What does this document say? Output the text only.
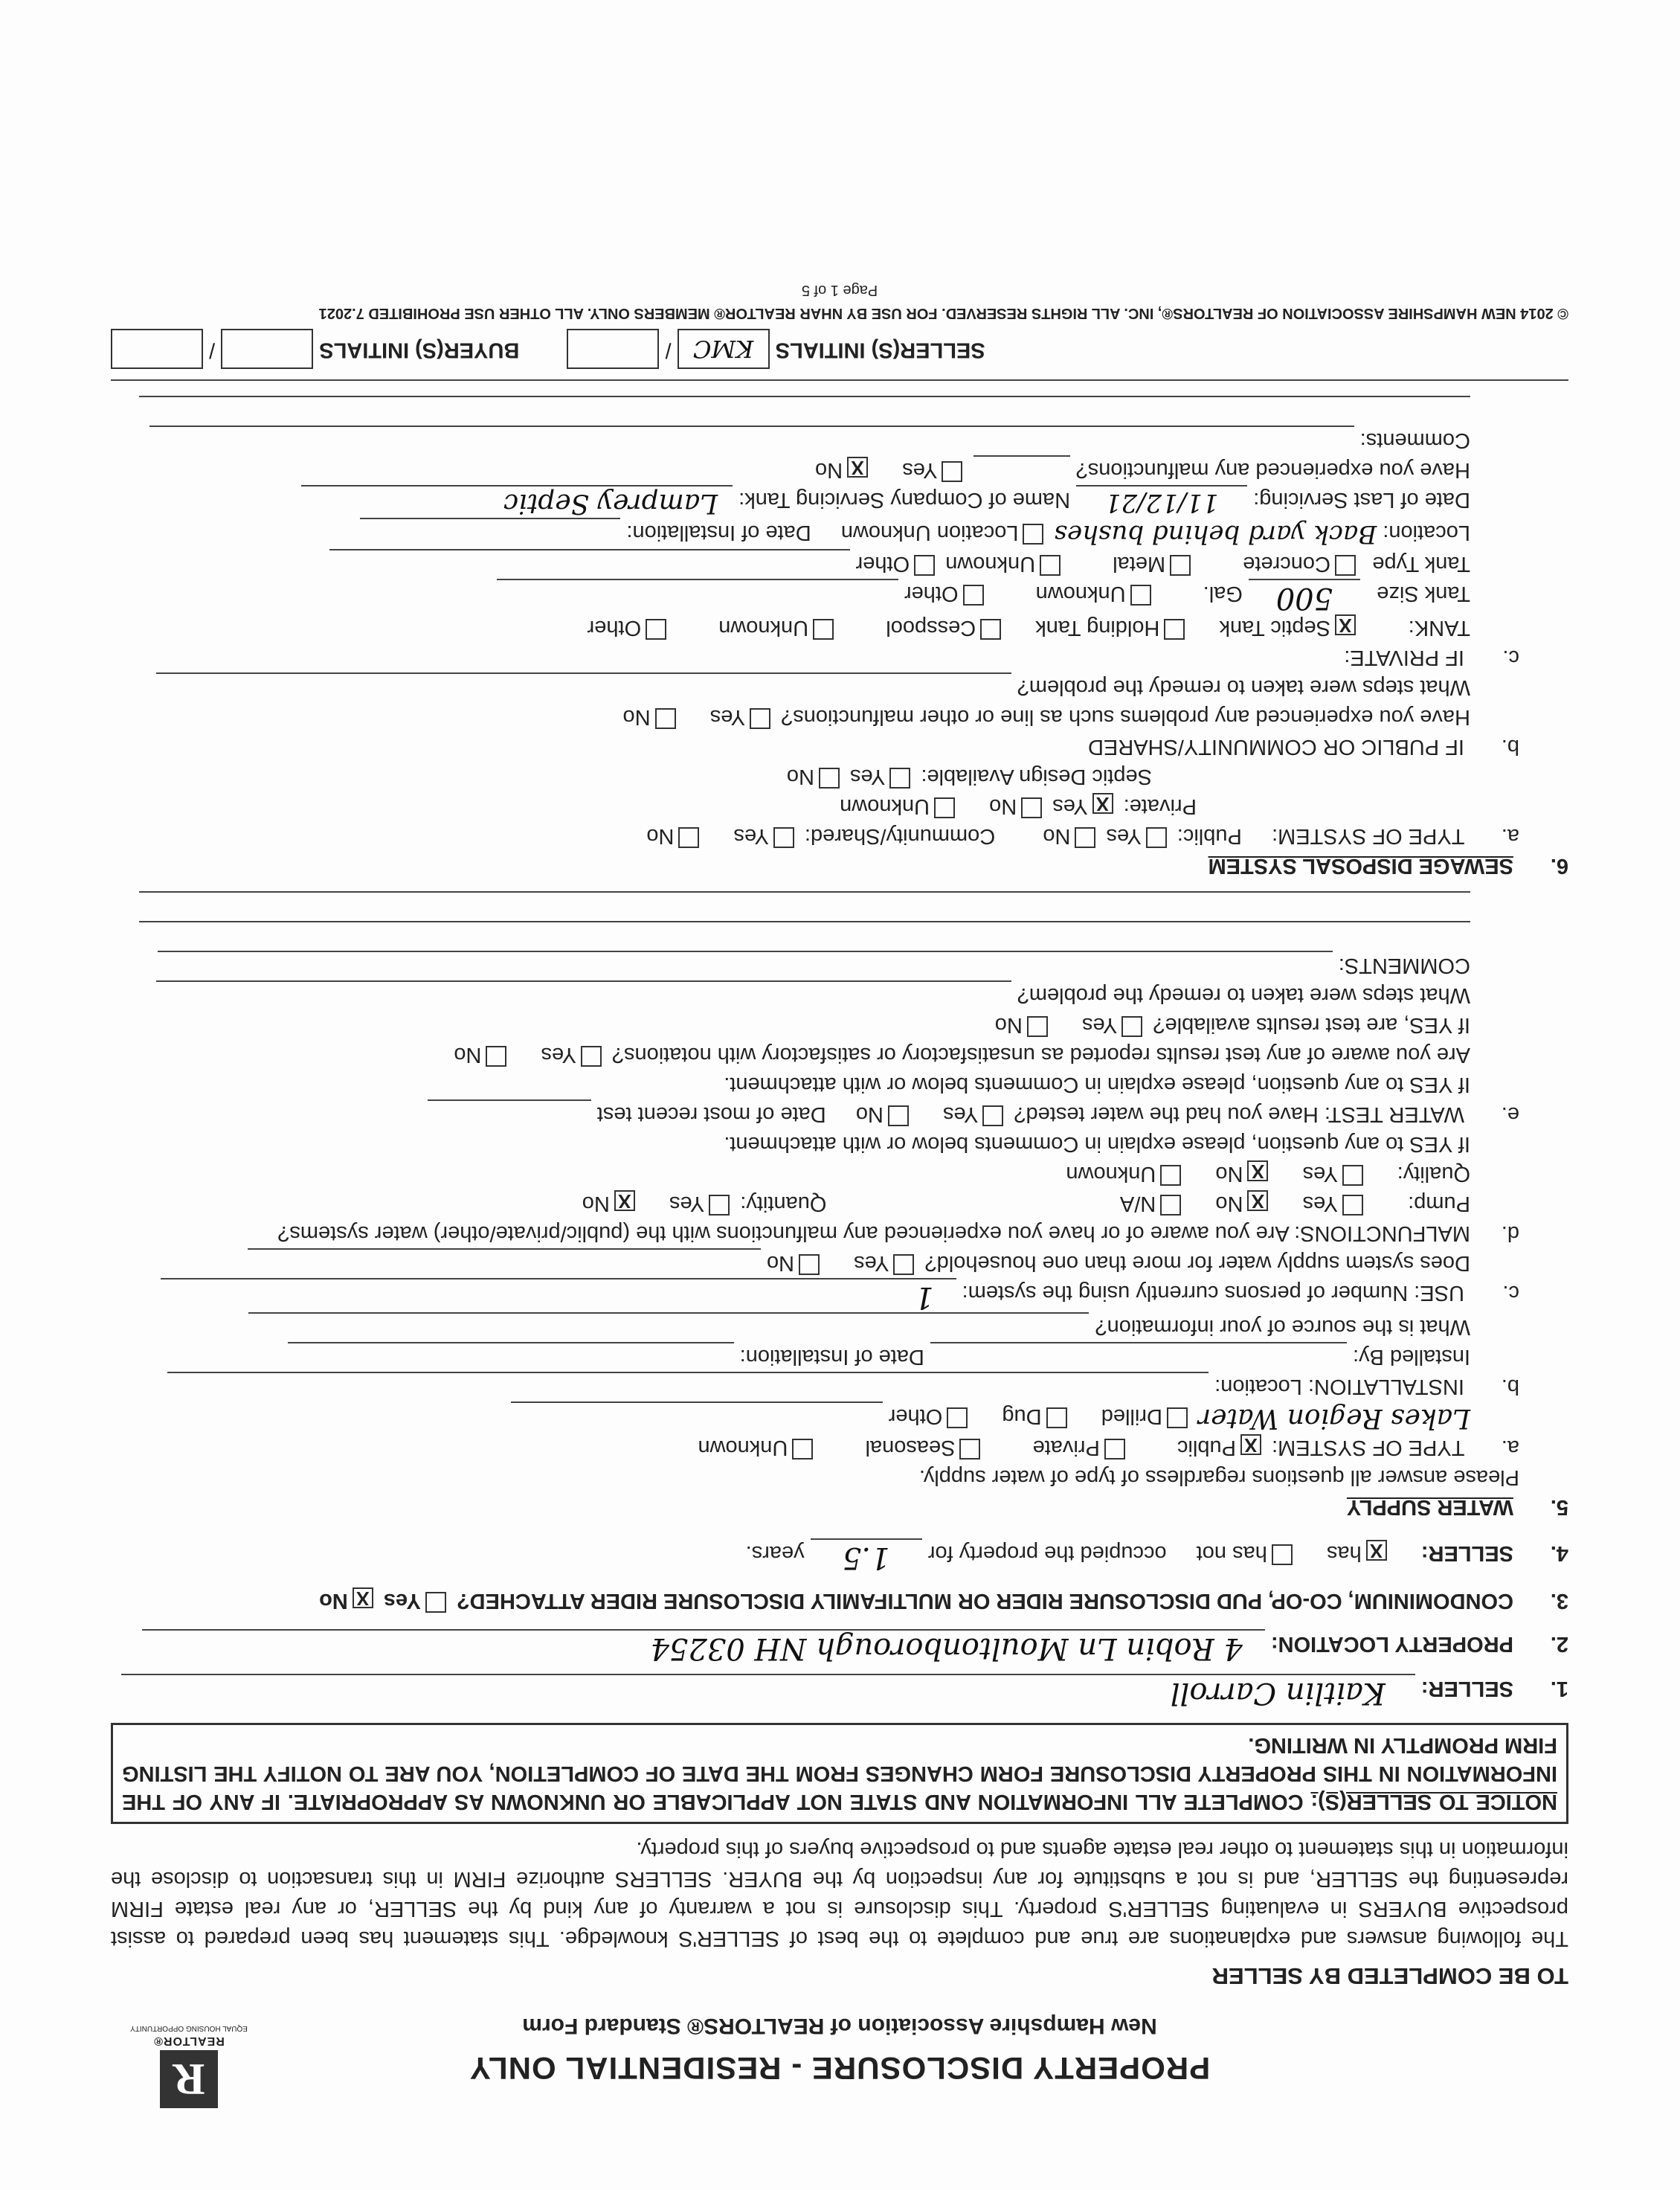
R
REALTOR®
EQUAL HOUSING OPPORTUNITY
PROPERTY DISCLOSURE - RESIDENTIAL ONLY
New Hampshire Association of REALTORS® Standard Form
TO BE COMPLETED BY SELLER
The following answers and explanations are true and complete to the best of SELLER'S knowledge. This statement has been prepared to assist prospective BUYERS in evaluating SELLER'S property. This disclosure is not a warranty of any kind by the SELLER, or any real estate FIRM representing the SELLER, and is not a substitute for any inspection by the BUYER. SELLERS authorize FIRM in this transaction to disclose the information in this statement to other real estate agents and to prospective buyers of this property.
NOTICE TO SELLER(S): COMPLETE ALL INFORMATION AND STATE NOT APPLICABLE OR UNKNOWN AS APPROPRIATE. IF ANY OF THE INFORMATION IN THIS PROPERTY DISCLOSURE FORM CHANGES FROM THE DATE OF COMPLETION, YOU ARE TO NOTIFY THE LISTING FIRM PROMPTLY IN WRITING.
1. SELLER: Kaitlin Carroll
2. PROPERTY LOCATION: 4 Robin Ln Moultonborough NH 03254
3. CONDOMINIUM, CO-OP, PUD DISCLOSURE RIDER OR MULTIFAMILY DISCLOSURE RIDER ATTACHED? Yes XNo
4. SELLER:  Xhas  has not  occupied the property for 1.5 years.
5. WATER SUPPLY
Please answer all questions regardless of type of water supply.
a. TYPE OF SYSTEM: XPublic  Private  Seasonal  Unknown
Lakes Region Water Drilled  Dug  Other
b. INSTALLATION: Location:
Installed By:  Date of Installation:
What is the source of your information?
c. USE: Number of persons currently using the system: 1
Does system supply water for more than one household? Yes  No
d.
MALFUNCTIONS: Are you aware of or have you experienced any malfunctions with the (public/private/other) water systems?
Pump: Yes  XNo  N/A  Quantity: Yes  XNo
Quality: Yes  XNo  Unknown
If YES to any question, please explain in Comments below or with attachment.
e. WATER TEST: Have you had the water tested? Yes  No  Date of most recent test
If YES to any question, please explain in Comments below or with attachment.
Are you aware of any test results reported as unsatisfactory or satisfactory with notations? Yes  No
If YES, are test results available? Yes  No
What steps were taken to remedy the problem?
COMMENTS:
6. SEWAGE DISPOSAL SYSTEM
a. TYPE OF SYSTEM:  Public: Yes No  Community/Shared: Yes  No
Private: XYes No  Unknown
Septic Design Available: Yes No
b. IF PUBLIC OR COMMUNITY/SHARED
Have you experienced any problems such as line or other malfunctions? Yes  No
What steps were taken to remedy the problem?
c. IF PRIVATE:
TANK: XSeptic Tank  Holding Tank  Cesspool  Unknown  Other
Tank Size 500 Gal.  Unknown  Other
Tank Type Concrete  Metal  Unknown Other
Location: Back yard behind bushes Location Unknown  Date of Installation:
Date of Last Servicing: 11/12/21 Name of Company Servicing Tank: Lamprey Septic
Have you experienced any malfunctions?  Yes  XNo
Comments:
SELLER(S) INITIALS KMC /   BUYER(S) INITIALS  /
© 2014 NEW HAMPSHIRE ASSOCIATION OF REALTORS®, INC. ALL RIGHTS RESERVED. FOR USE BY NHAR REALTOR® MEMBERS ONLY. ALL OTHER USE PROHIBITED 7.2021
Page 1 of 5
